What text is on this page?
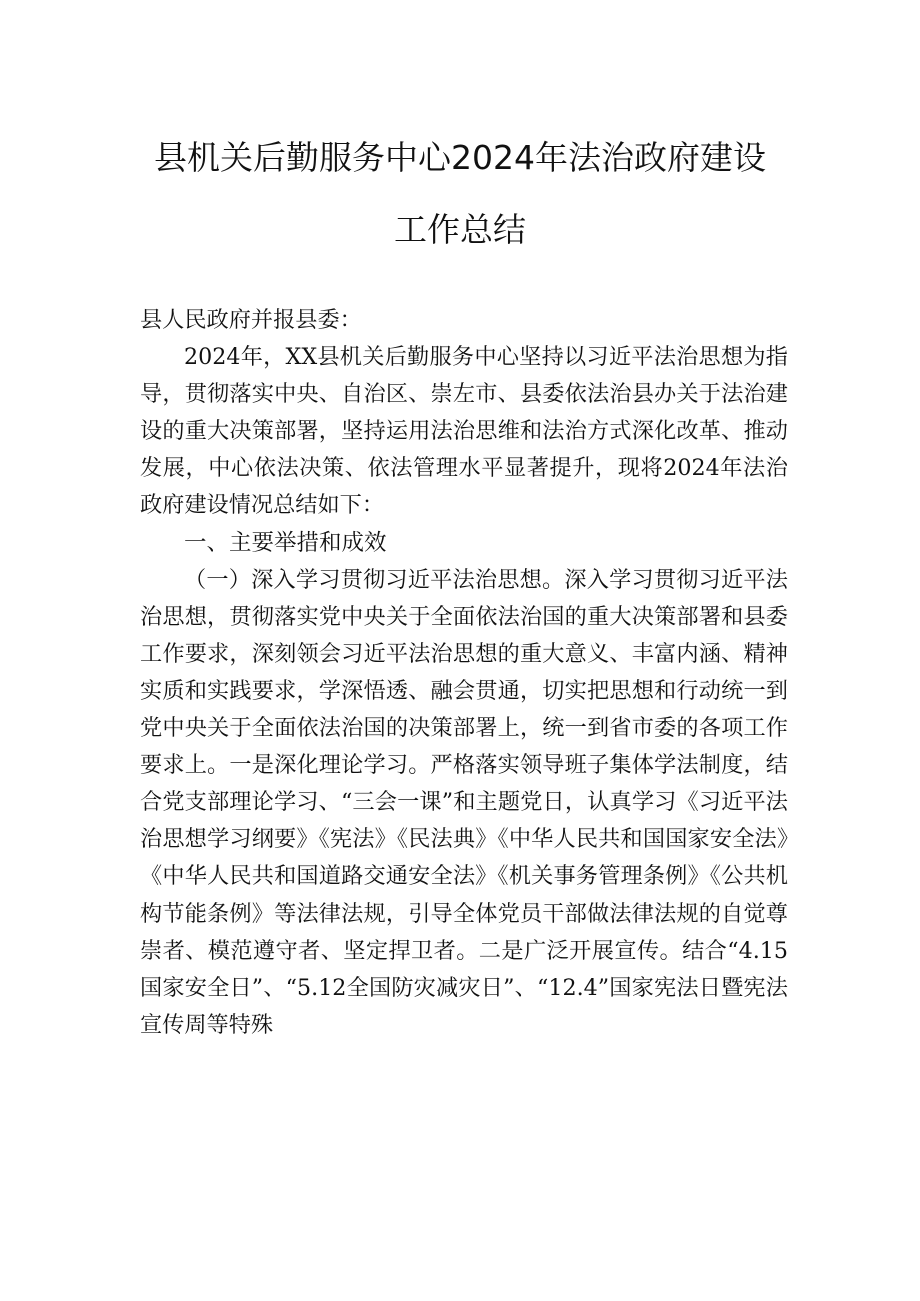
县机关后勤服务中心2024年法治政府建设
工作总结

县人民政府并报县委：

2024年，XX县机关后勤服务中心坚持以习近平法治思想为指导，贯彻落实中央、自治区、崇左市、县委依法治县办关于法治建设的重大决策部署，坚持运用法治思维和法治方式深化改革、推动发展，中心依法决策、依法管理水平显著提升，现将2024年法治政府建设情况总结如下：

一、主要举措和成效

（一）深入学习贯彻习近平法治思想。深入学习贯彻习近平法治思想，贯彻落实党中央关于全面依法治国的重大决策部署和县委工作要求，深刻领会习近平法治思想的重大意义、丰富内涵、精神实质和实践要求，学深悟透、融会贯通，切实把思想和行动统一到党中央关于全面依法治国的决策部署上，统一到省市委的各项工作要求上。一是深化理论学习。严格落实领导班子集体学法制度，结合党支部理论学习、“三会一课”和主题党日，认真学习《习近平法治思想学习纲要》《宪法》《民法典》《中华人民共和国国家安全法》《中华人民共和国道路交通安全法》《机关事务管理条例》《公共机构节能条例》等法律法规，引导全体党员干部做法律法规的自觉尊崇者、模范遵守者、坚定捍卫者。二是广泛开展宣传。结合“4.15国家安全日”、“5.12全国防灾减灾日”、“12.4”国家宪法日暨宪法宣传周等特殊
